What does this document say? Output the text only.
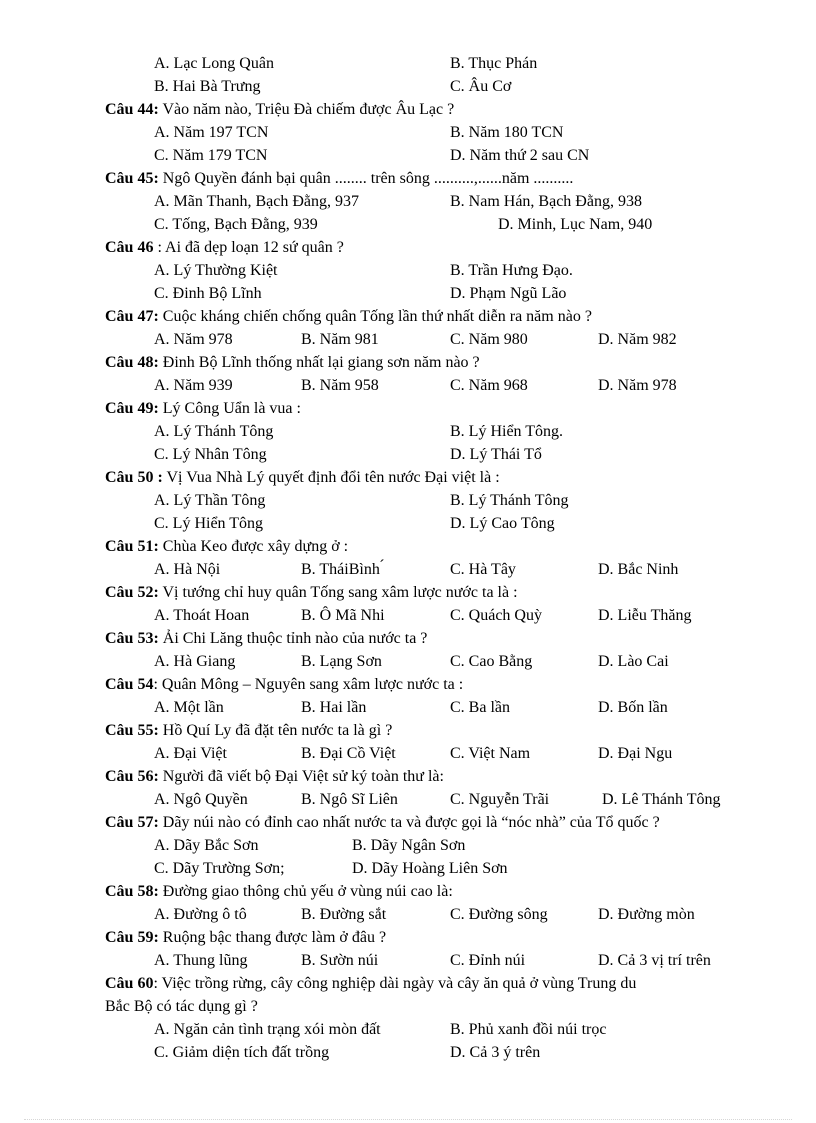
A. Lạc Long Quân	B. Thục Phán
B. Hai Bà Trưng	C. Âu Cơ
Câu 44: Vào năm nào, Triệu Đà chiếm được Âu Lạc ?
A. Năm 197 TCN	B. Năm 180 TCN
C. Năm 179 TCN	D. Năm thứ 2 sau CN
Câu 45: Ngô Quyền đánh bại quân ........ trên sông ..........,......năm ..........
A. Mãn Thanh, Bạch Đằng, 937	B. Nam Hán, Bạch Đằng, 938
C. Tống, Bạch Đằng, 939	D. Minh, Lục Nam, 940
Câu 46 : Ai đã dẹp loạn 12 sứ quân ?
A. Lý Thường Kiệt	B. Trần Hưng Đạo.
C. Đinh Bộ Lĩnh	D. Phạm Ngũ Lão
Câu 47: Cuộc kháng chiến chống quân Tống lần thứ nhất diễn ra năm nào ?
A. Năm 978	B. Năm 981	C. Năm 980	D. Năm 982
Câu 48: Đinh Bộ Lĩnh thống nhất lại giang sơn năm nào ?
A. Năm 939	B. Năm 958	C. Năm 968	D. Năm 978
Câu 49: Lý Công Uẩn là vua :
A. Lý Thánh Tông	B. Lý Hiển Tông.
C. Lý Nhân Tông	D. Lý Thái Tổ
Câu 50 : Vị Vua Nhà Lý quyết định đổi tên nước Đại việt là :
A. Lý Thần Tông	B. Lý Thánh Tông
C. Lý Hiển Tông	D. Lý Cao Tông
Câu 51: Chùa Keo được xây dựng ở :
A. Hà Nội	B. TháiBình ́	C. Hà Tây	D. Bắc Ninh
Câu 52: Vị tướng chỉ huy quân Tống sang xâm lược nước ta là :
A. Thoát Hoan	B. Ô Mã Nhi	C. Quách Quỳ	D. Liễu Thăng
Câu 53: Ải Chi Lăng thuộc tỉnh nào của nước ta ?
A. Hà Giang	B. Lạng Sơn	C. Cao Bằng	D. Lào Cai
Câu 54: Quân Mông – Nguyên sang xâm lược nước ta :
A. Một lần	B. Hai lần	C. Ba lần	D. Bốn lần
Câu 55: Hồ Quí Ly đã đặt tên nước ta là gì ?
A. Đại Việt	B. Đại Cồ Việt	C. Việt Nam	D. Đại Ngu
Câu 56: Người đã viết bộ Đại Việt sử ký toàn thư là:
A. Ngô Quyền	B. Ngô Sĩ Liên	C. Nguyễn Trãi	D. Lê Thánh Tông
Câu 57: Dãy núi nào có đỉnh cao nhất nước ta và được gọi là “nóc nhà” của Tổ quốc ?
A. Dãy Bắc Sơn	B. Dãy Ngân Sơn
C. Dãy Trường Sơn;	D. Dãy Hoàng Liên Sơn
Câu 58: Đường giao thông chủ yếu ở vùng núi cao là:
A. Đường ô tô	B. Đường sắt	C. Đường sông	D. Đường mòn
Câu 59: Ruộng bậc thang được làm ở đâu ?
A. Thung lũng	B. Sườn núi	C. Đỉnh núi	D. Cả 3 vị trí trên
Câu 60: Việc trồng rừng, cây công nghiệp dài ngày và cây ăn quả ở vùng Trung du
Bắc Bộ có tác dụng gì ?
A. Ngăn cản tình trạng xói mòn đất	B. Phủ xanh đồi núi trọc
C. Giảm diện tích đất trồng	D. Cả 3 ý trên
